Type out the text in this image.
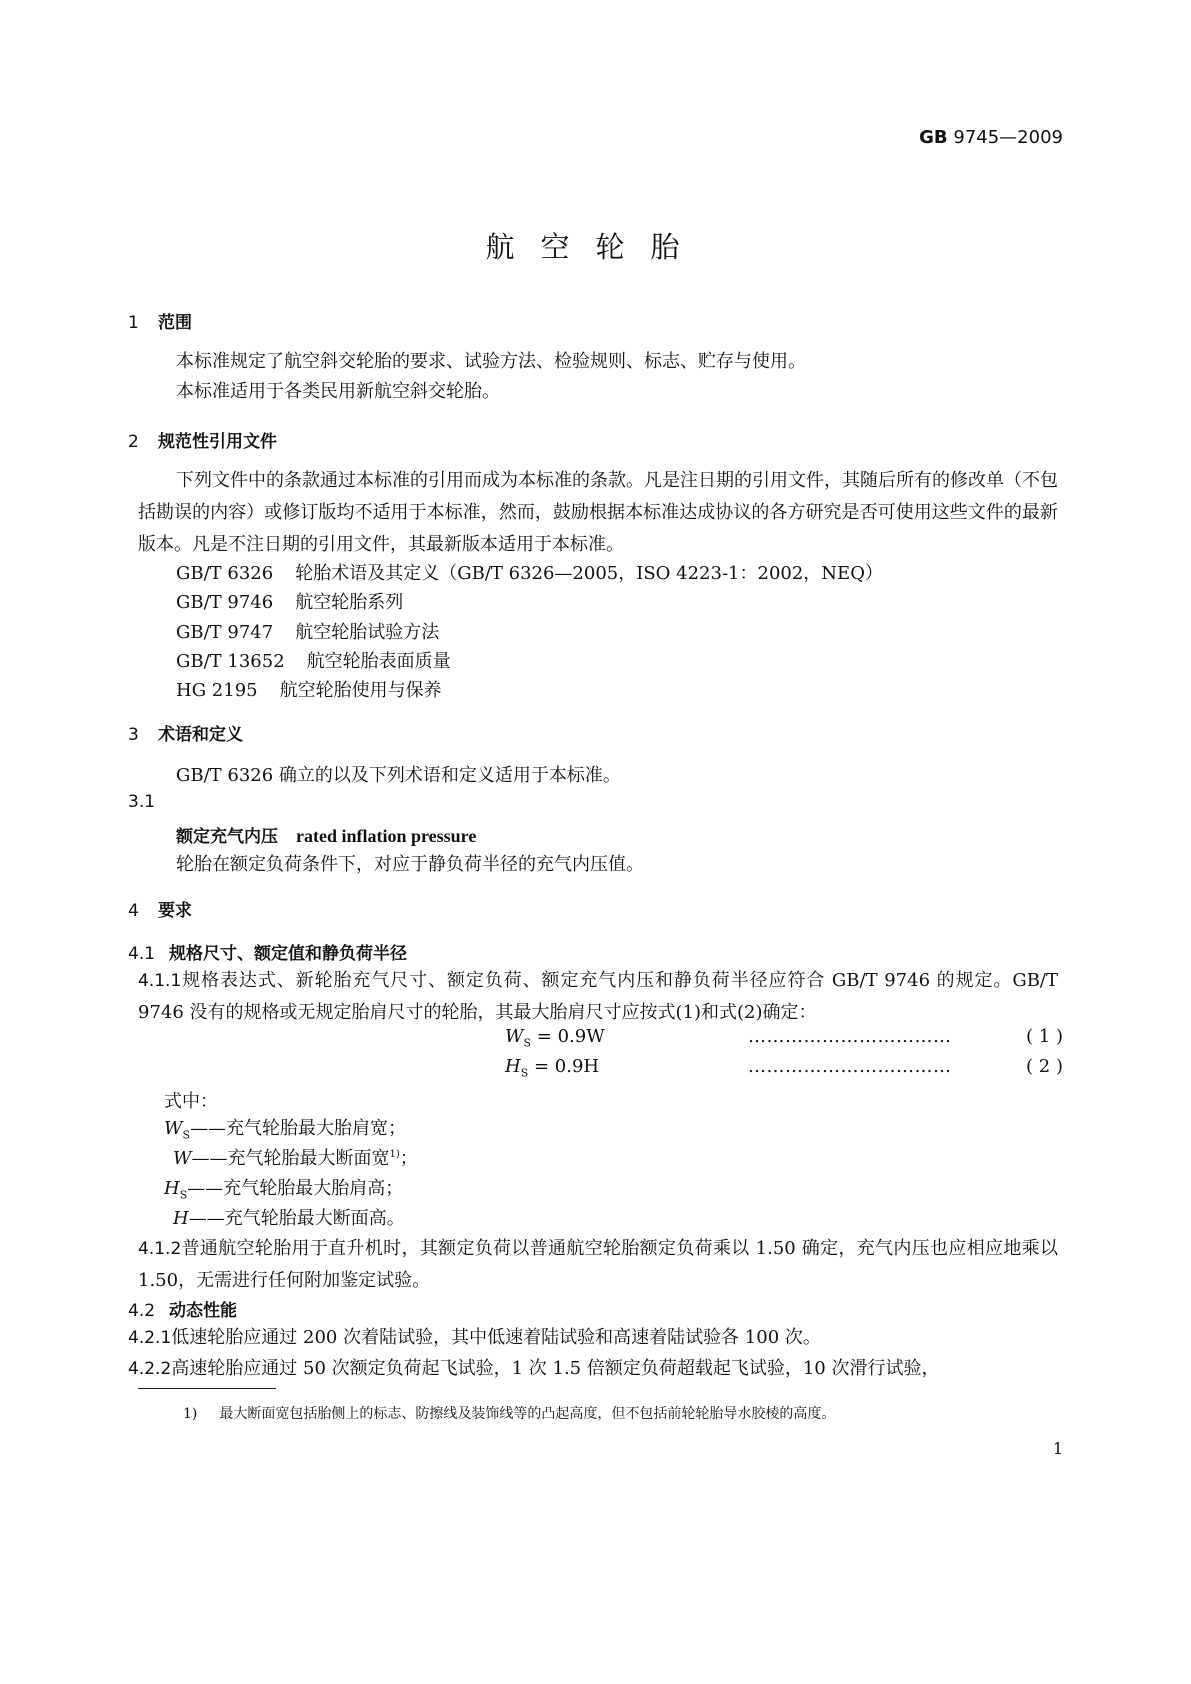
GB 9745—2009
航空轮胎
1 范围
本标准规定了航空斜交轮胎的要求、试验方法、检验规则、标志、贮存与使用。
本标准适用于各类民用新航空斜交轮胎。
2 规范性引用文件
下列文件中的条款通过本标准的引用而成为本标准的条款。凡是注日期的引用文件，其随后所有的修改单（不包括勘误的内容）或修订版均不适用于本标准，然而，鼓励根据本标准达成协议的各方研究是否可使用这些文件的最新版本。凡是不注日期的引用文件，其最新版本适用于本标准。
GB/T 6326 轮胎术语及其定义（GB/T 6326—2005，ISO 4223-1：2002，NEQ）
GB/T 9746 航空轮胎系列
GB/T 9747 航空轮胎试验方法
GB/T 13652 航空轮胎表面质量
HG 2195 航空轮胎使用与保养
3 术语和定义
GB/T 6326 确立的以及下列术语和定义适用于本标准。
3.1
额定充气内压 rated inflation pressure
轮胎在额定负荷条件下，对应于静负荷半径的充气内压值。
4 要求
4.1 规格尺寸、额定值和静负荷半径
4.1.1规格表达式、新轮胎充气尺寸、额定负荷、额定充气内压和静负荷半径应符合 GB/T 9746 的规定。GB/T 9746 没有的规格或无规定胎肩尺寸的轮胎，其最大胎肩尺寸应按式(1)和式(2)确定：
$W_S = 0.9W$	……………………………	( 1 )
$H_S = 0.9H$	……………………………	( 2 )
式中：
$W_S——$充气轮胎最大胎肩宽；
W——充气轮胎最大断面宽$^{1)}$；
$H_S——$充气轮胎最大胎肩高；
H——充气轮胎最大断面高。
4.1.2普通航空轮胎用于直升机时，其额定负荷以普通航空轮胎额定负荷乘以 1.50 确定，充气内压也应相应地乘以 1.50，无需进行任何附加鉴定试验。
4.2 动态性能
4.2.1低速轮胎应通过 200 次着陆试验，其中低速着陆试验和高速着陆试验各 100 次。
4.2.2高速轮胎应通过 50 次额定负荷起飞试验，1 次 1.5 倍额定负荷超载起飞试验，10 次滑行试验，
1) 最大断面宽包括胎侧上的标志、防擦线及装饰线等的凸起高度，但不包括前轮轮胎导水胶棱的高度。
1
